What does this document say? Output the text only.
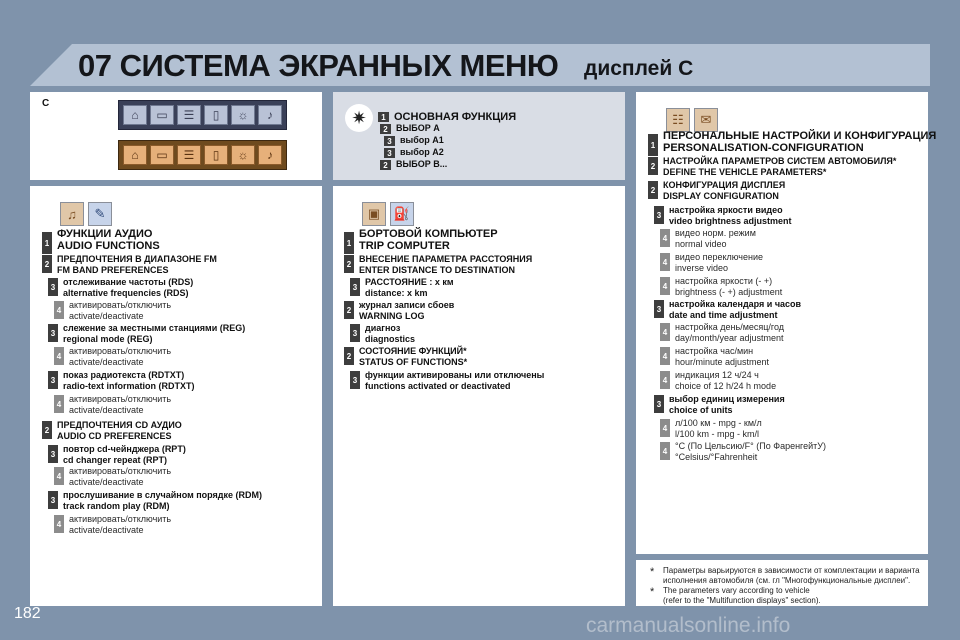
07 СИСТЕМА ЭКРАННЫХ МЕНЮ дисплей С
С
⌂	▭	☰	▯	☼	♪
⌂	▭	☰	▯	☼	♪
✷	1 ОСНОВНАЯ ФУНКЦИЯ
2 ВЫБОР А
3 выбор A1
3 выбор A2
2 ВЫБОР В...
♫	✎
1
ФУНКЦИИ АУДИО
AUDIO FUNCTIONS
2 ПРЕДПОЧТЕНИЯ В ДИАПАЗОНЕ FM
FM BAND PREFERENCES
3 отслеживание частоты (RDS)
alternative frequencies (RDS)
4 активировать/отключить
activate/deactivate
3 слежение за местными станциями (REG)
regional mode (REG)
4 активировать/отключить
activate/deactivate
3 показ радиотекста (RDTXT)
radio-text information (RDTXT)
4 активировать/отключить
activate/deactivate
2 ПРЕДПОЧТЕНИЯ CD АУДИО
AUDIO CD PREFERENCES
3 повтор cd-чейнджера (RPT)
cd changer repeat (RPT)
4 активировать/отключить
activate/deactivate
3 прослушивание в случайном порядке (RDM)
track random play (RDM)
4 активировать/отключить
activate/deactivate
▣	⛽
1
БОРТОВОЙ КОМПЬЮТЕР
TRIP COMPUTER
2 ВНЕСЕНИЕ ПАРАМЕТРА РАССТОЯНИЯ
ENTER DISTANCE TO DESTINATION
3 РАССТОЯНИЕ : x км
distance: x km
2 журнал записи сбоев
WARNING LOG
3 диагноз
diagnostics
2 СОСТОЯНИЕ ФУНКЦИЙ*
STATUS OF FUNCTIONS*
3 функции активированы или отключены
functions activated or deactivated
☷	✉
1
ПЕРСОНАЛЬНЫЕ НАСТРОЙКИ И КОНФИГУРАЦИЯ
PERSONALISATION-CONFIGURATION
2 НАСТРОЙКА ПАРАМЕТРОВ СИСТЕМ АВТОМОБИЛЯ*
DEFINE THE VEHICLE PARAMETERS*
2 КОНФИГУРАЦИЯ ДИСПЛЕЯ
DISPLAY CONFIGURATION
3 настройка яркости видео
video brightness adjustment
4 видео норм. режим
normal video
4 видео переключение
inverse video
4 настройка яркости (- +)
brightness (- +) adjustment
3 настройка календаря и часов
date and time adjustment
4 настройка день/месяц/год
day/month/year adjustment
4 настройка час/мин
hour/minute adjustment
4 индикация 12 ч/24 ч
choice of 12 h/24 h mode
3 выбор единиц измерения
choice of units
4 л/100 км - mpg - км/л
l/100 km - mpg - km/l
4 °С (По Цельсию/F° (По ФаренгейтУ)
°Celsius/°Fahrenheit
*	Параметры варьируются в зависимости от комплектации и варианта
исполнения автомобиля (см. гл "Многофункциональные дисплеи".
*	The parameters vary according to vehicle
(refer to the "Multifunction displays" section).
182
carmanualsonline.info
